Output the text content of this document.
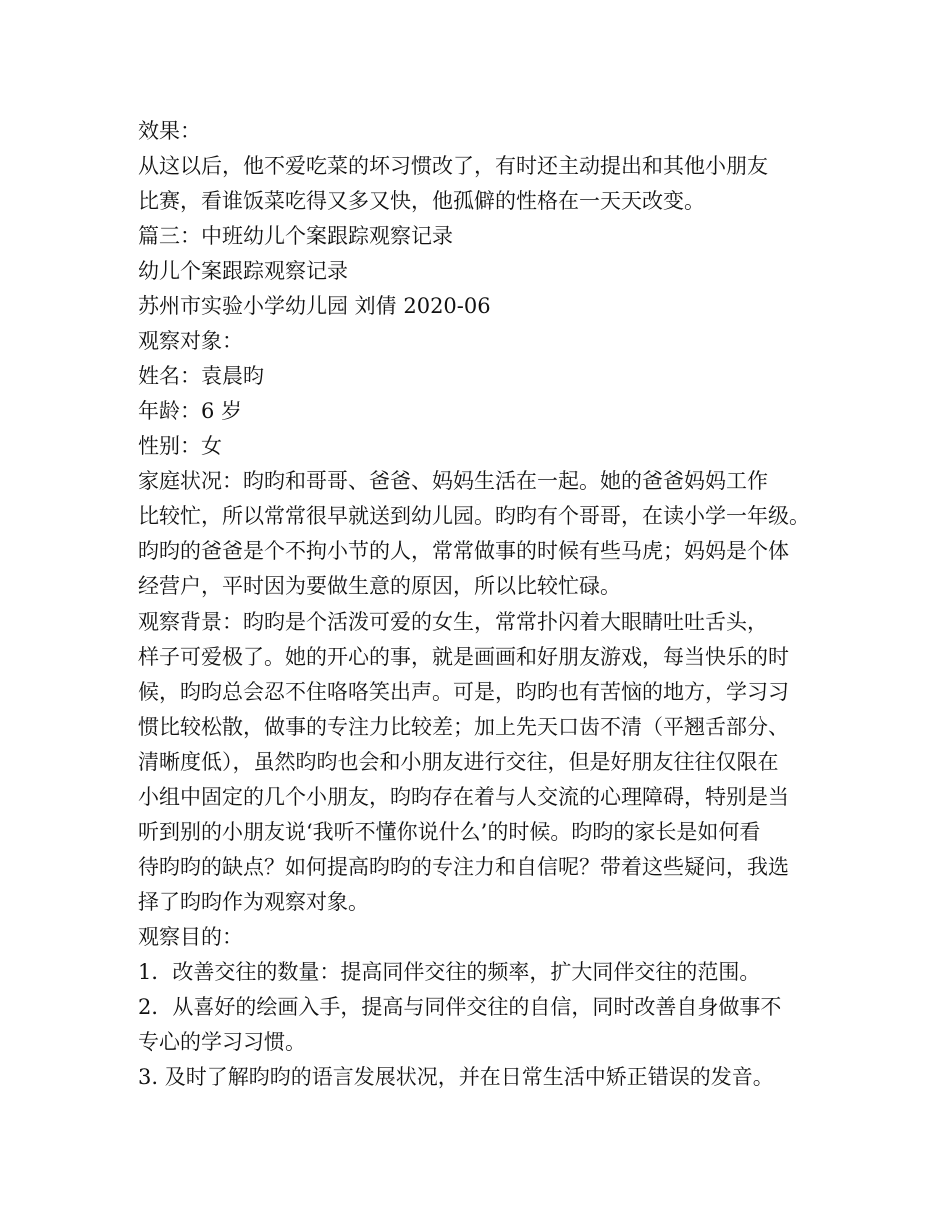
效果：
从这以后，他不爱吃菜的坏习惯改了，有时还主动提出和其他小朋友
比赛，看谁饭菜吃得又多又快，他孤僻的性格在一天天改变。
篇三：中班幼儿个案跟踪观察记录
幼儿个案跟踪观察记录
苏州市实验小学幼儿园 刘倩 2020-06
观察对象：
姓名：袁晨昀
年龄：6 岁
性别：女
家庭状况：昀昀和哥哥、爸爸、妈妈生活在一起。她的爸爸妈妈工作
比较忙，所以常常很早就送到幼儿园。昀昀有个哥哥，在读小学一年级。
昀昀的爸爸是个不拘小节的人，常常做事的时候有些马虎；妈妈是个体
经营户，平时因为要做生意的原因，所以比较忙碌。
观察背景：昀昀是个活泼可爱的女生，常常扑闪着大眼睛吐吐舌头，
样子可爱极了。她的开心的事，就是画画和好朋友游戏，每当快乐的时
候，昀昀总会忍不住咯咯笑出声。可是，昀昀也有苦恼的地方，学习习
惯比较松散，做事的专注力比较差；加上先天口齿不清（平翘舌部分、
清晰度低），虽然昀昀也会和小朋友进行交往，但是好朋友往往仅限在
小组中固定的几个小朋友，昀昀存在着与人交流的心理障碍，特别是当
听到别的小朋友说‘我听不懂你说什么’的时候。昀昀的家长是如何看
待昀昀的缺点？如何提高昀昀的专注力和自信呢？带着这些疑问，我选
择了昀昀作为观察对象。
观察目的：
1．改善交往的数量：提高同伴交往的频率，扩大同伴交往的范围。
2．从喜好的绘画入手，提高与同伴交往的自信，同时改善自身做事不
专心的学习习惯。
3. 及时了解昀昀的语言发展状况，并在日常生活中矫正错误的发音。
